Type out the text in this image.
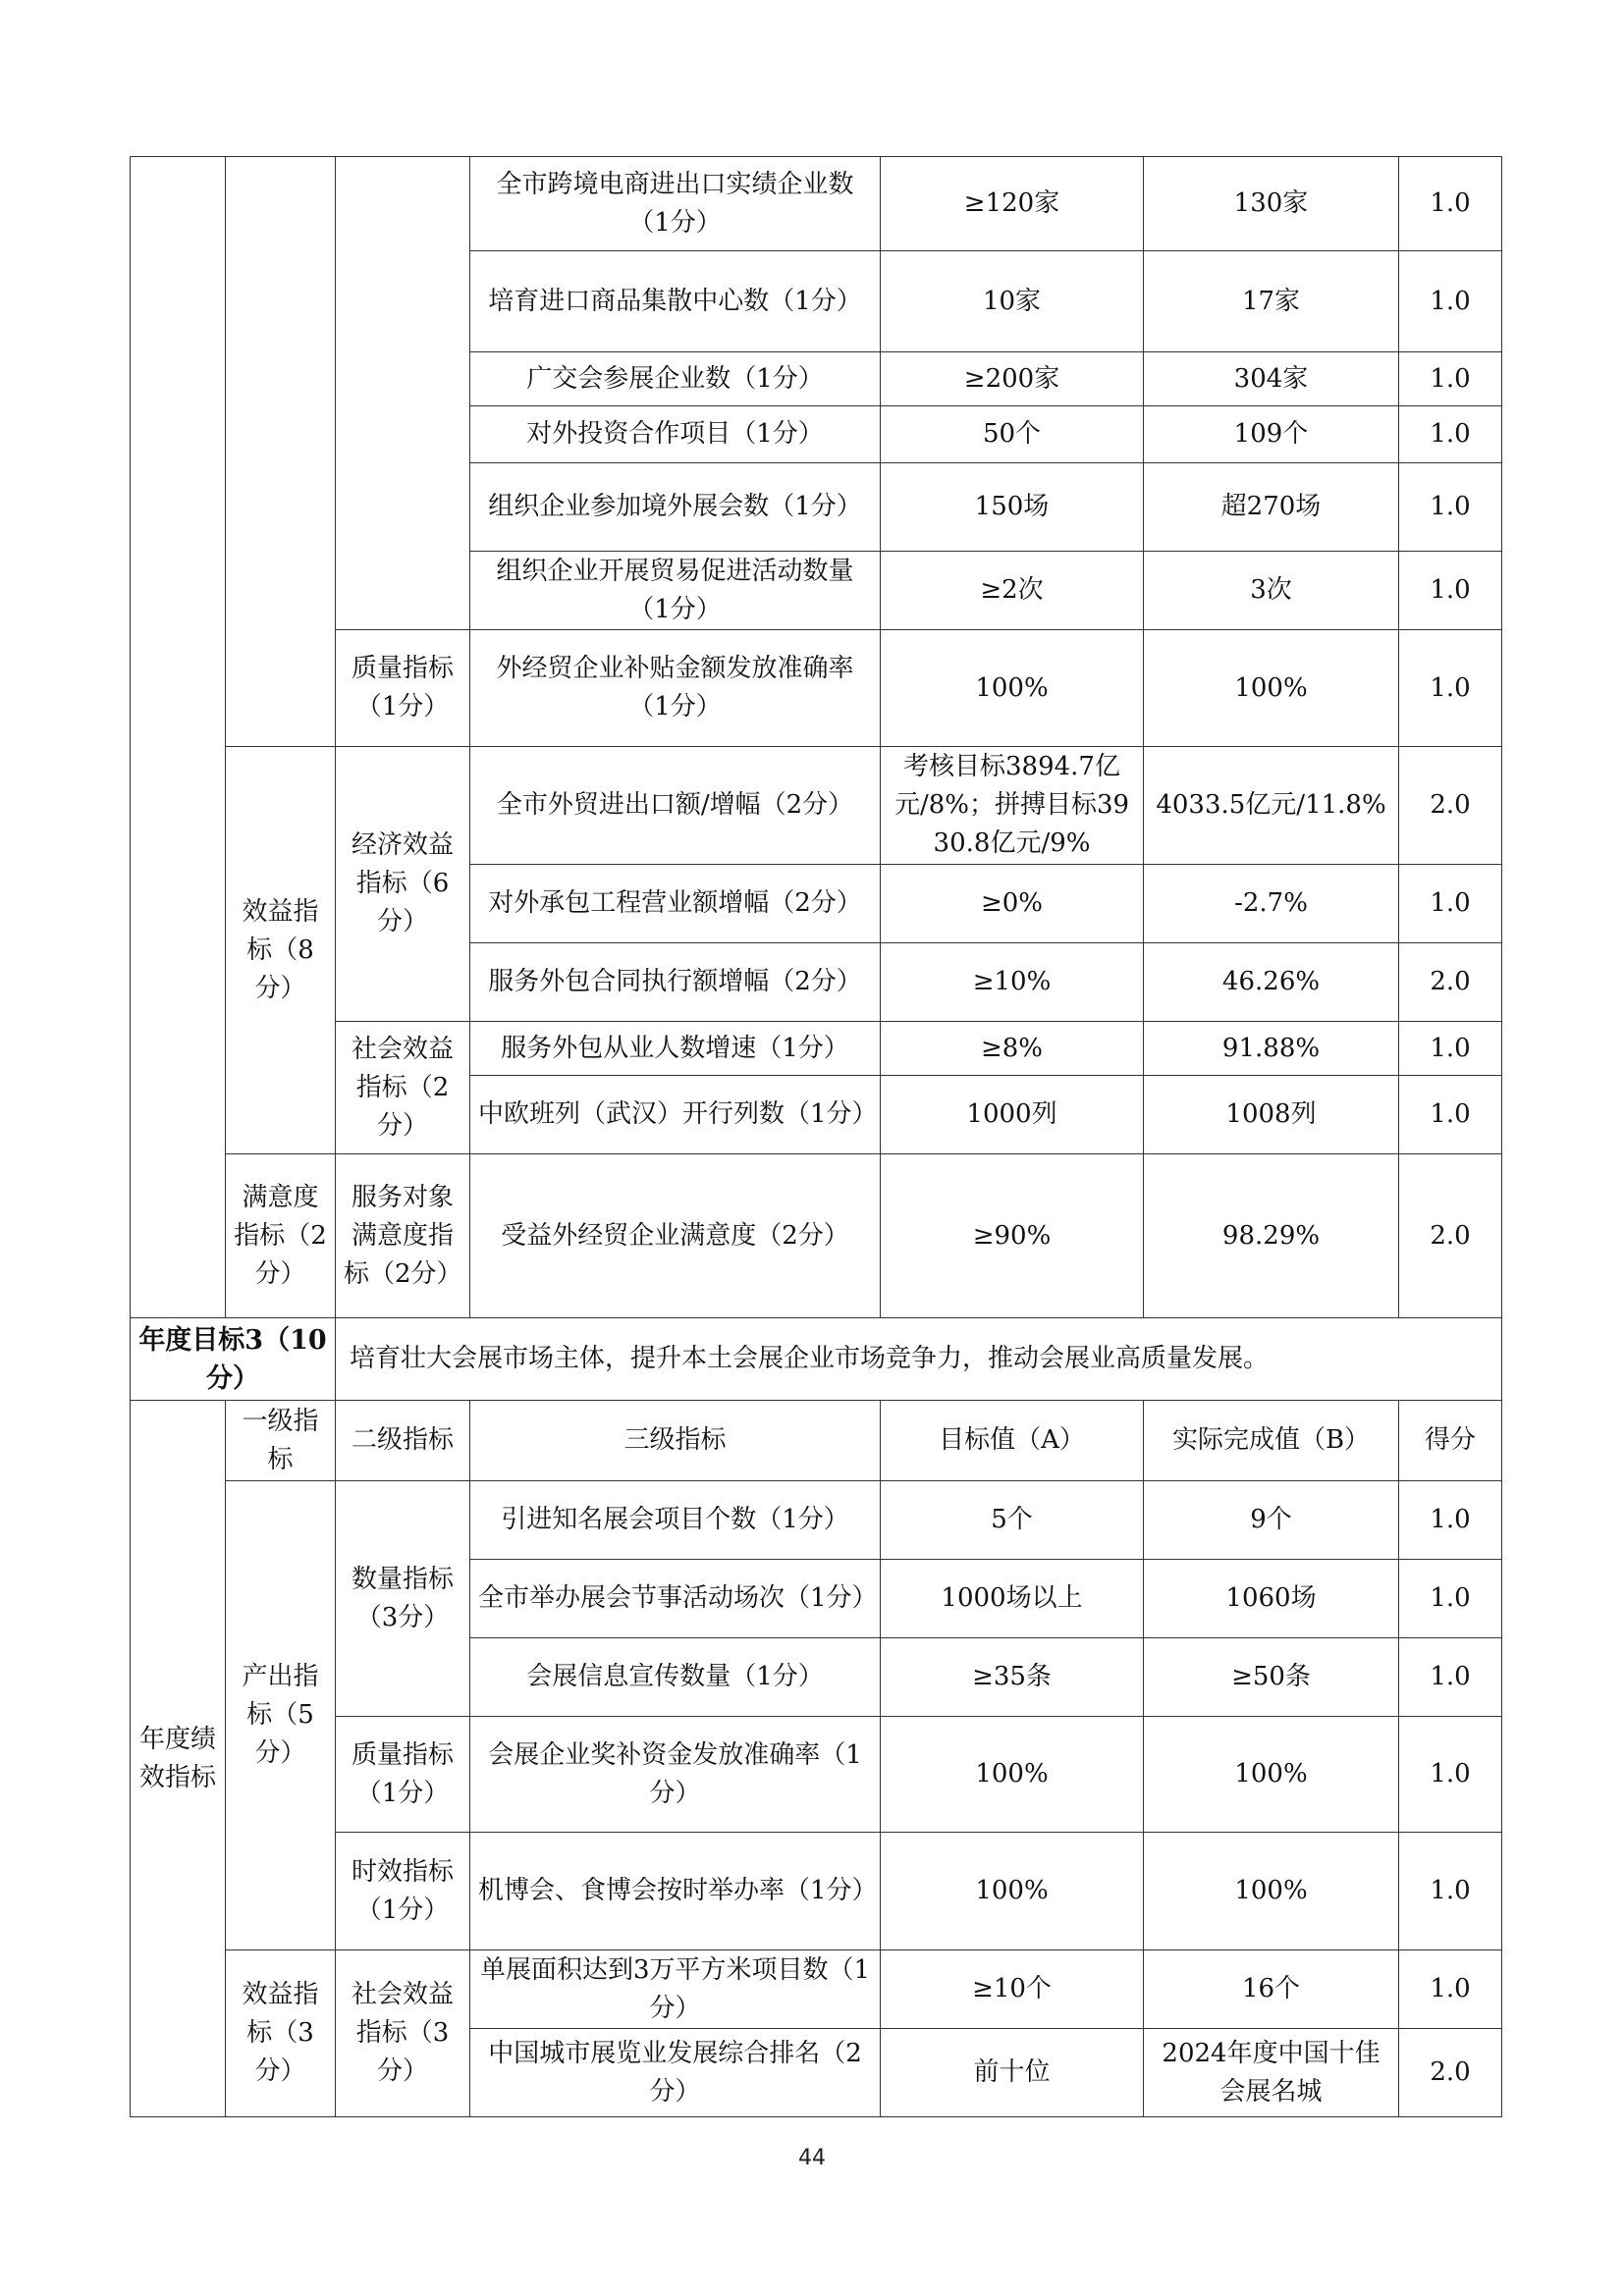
			全市跨境电商进出口实绩企业数（1分）	≥120家	130家	1.0
			培育进口商品集散中心数（1分）	10家	17家	1.0
			广交会参展企业数（1分）	≥200家	304家	1.0
			对外投资合作项目（1分）	50个	109个	1.0
			组织企业参加境外展会数（1分）	150场	超270场	1.0
			组织企业开展贸易促进活动数量（1分）	≥2次	3次	1.0
		质量指标（1分）	外经贸企业补贴金额发放准确率（1分）	100%	100%	1.0
	效益指标（8分）	经济效益指标（6分）	全市外贸进出口额/增幅（2分）	考核目标3894.7亿元/8%；拼搏目标3930.8亿元/9%	4033.5亿元/11.8%	2.0
			对外承包工程营业额增幅（2分）	≥0%	-2.7%	1.0
			服务外包合同执行额增幅（2分）	≥10%	46.26%	2.0
		社会效益指标（2分）	服务外包从业人数增速（1分）	≥8%	91.88%	1.0
			中欧班列（武汉）开行列数（1分）	1000列	1008列	1.0
	满意度指标（2分）	服务对象满意度指标（2分）	受益外经贸企业满意度（2分）	≥90%	98.29%	2.0
年度目标3（10分）		培育壮大会展市场主体，提升本土会展企业市场竞争力，推动会展业高质量发展。				
年度绩效指标	一级指标	二级指标	三级指标	目标值（A）	实际完成值（B）	得分
	产出指标（5分）	数量指标（3分）	引进知名展会项目个数（1分）	5个	9个	1.0
			全市举办展会节事活动场次（1分）	1000场以上	1060场	1.0
			会展信息宣传数量（1分）	≥35条	≥50条	1.0
		质量指标（1分）	会展企业奖补资金发放准确率（1分）	100%	100%	1.0
		时效指标（1分）	机博会、食博会按时举办率（1分）	100%	100%	1.0
	效益指标（3分）	社会效益指标（3分）	单展面积达到3万平方米项目数（1分）	≥10个	16个	1.0
			中国城市展览业发展综合排名（2分）	前十位	2024年度中国十佳会展名城	2.0
44
